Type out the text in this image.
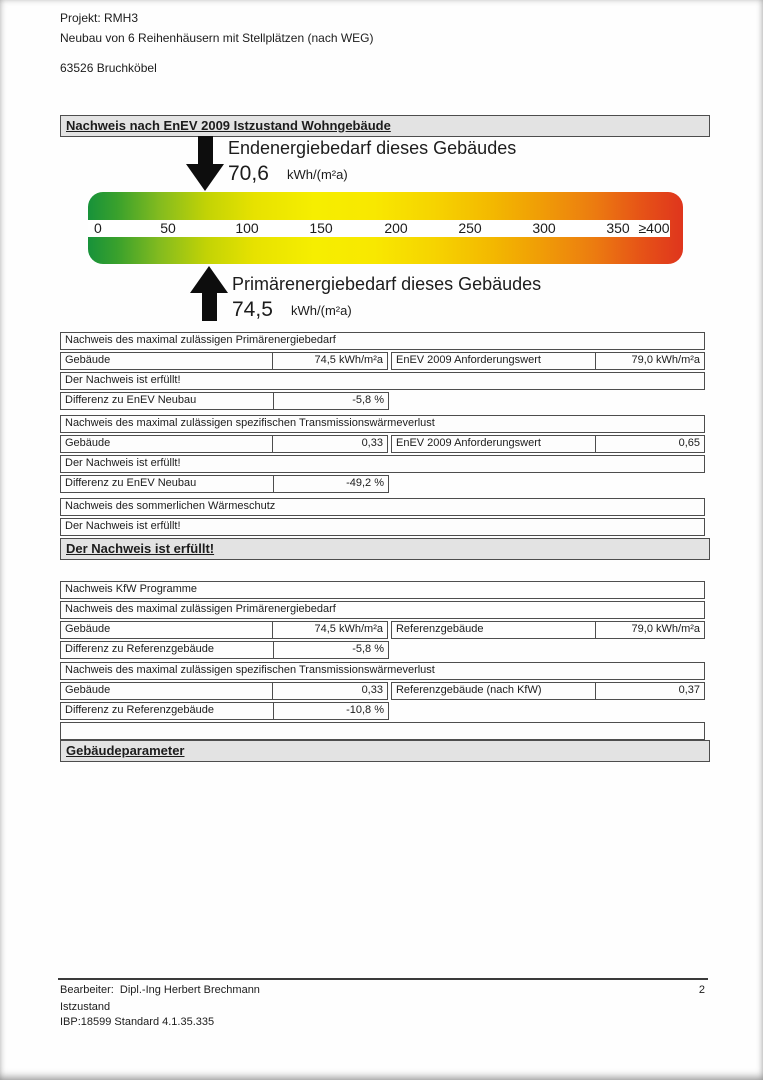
Projekt: RMH3
Neubau von 6 Reihenhäusern mit Stellplätzen (nach WEG)
63526 Bruchköbel
Nachweis nach EnEV 2009 Istzustand Wohngebäude
Endenergiebedarf dieses Gebäudes
70,6 kWh/(m²a)
0	50	100	150	200	250	300	350 ≥400
Primärenergiebedarf dieses Gebäudes
74,5 kWh/(m²a)
Nachweis des maximal zulässigen Primärenergiebedarf
Gebäude	74,5 kWh/m²a	EnEV 2009 Anforderungswert	79,0 kWh/m²a
Der Nachweis ist erfüllt!
Differenz zu EnEV Neubau	-5,8 %
Nachweis des maximal zulässigen spezifischen Transmissionswärmeverlust
Gebäude	0,33	EnEV 2009 Anforderungswert	0,65
Der Nachweis ist erfüllt!
Differenz zu EnEV Neubau	-49,2 %
Nachweis des sommerlichen Wärmeschutz
Der Nachweis ist erfüllt!
Der Nachweis ist erfüllt!
Nachweis KfW Programme
Nachweis des maximal zulässigen Primärenergiebedarf
Gebäude	74,5 kWh/m²a	Referenzgebäude	79,0 kWh/m²a
Differenz zu Referenzgebäude	-5,8 %
Nachweis des maximal zulässigen spezifischen Transmissionswärmeverlust
Gebäude	0,33	Referenzgebäude (nach KfW)	0,37
Differenz zu Referenzgebäude	-10,8 %
Gebäudeparameter
Bearbeiter:  Dipl.-Ing Herbert Brechmann	2
Istzustand
IBP:18599 Standard 4.1.35.335
